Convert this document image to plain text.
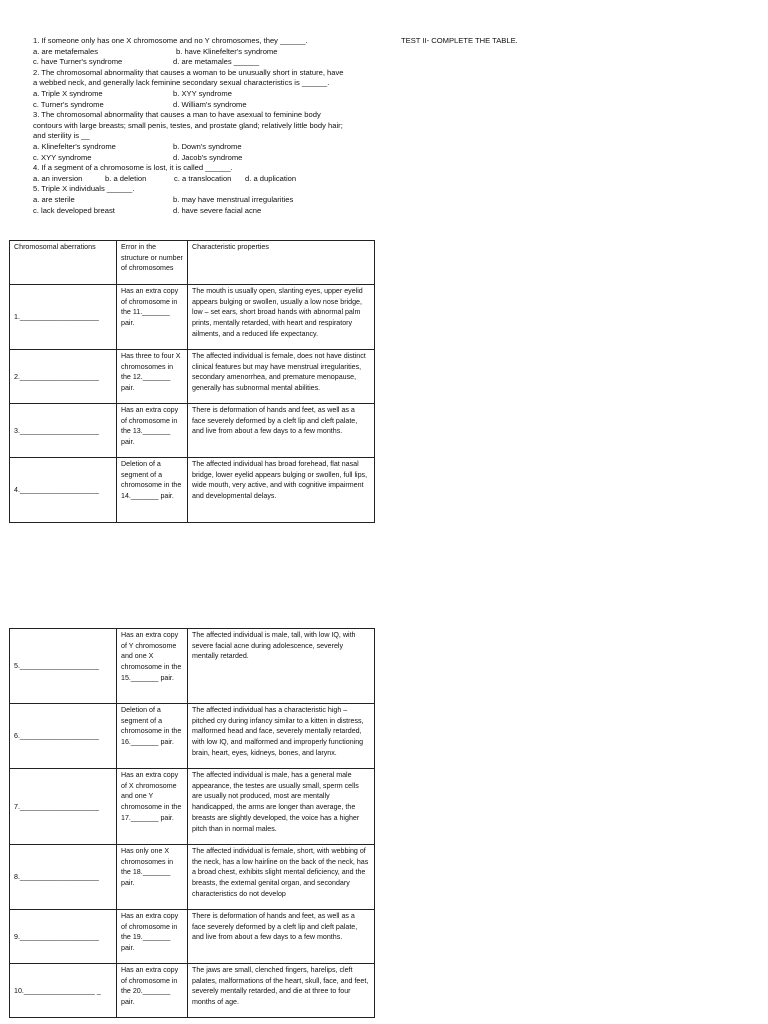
1. If someone only has one X chromosome and no Y chromosomes, they ______.
a. are metafemales	b. have Klinefelter's syndrome
c. have Turner's syndrome	d. are metamales ______
2. The chromosomal abnormality that causes a woman to be unusually short in stature, have
a webbed neck, and generally lack feminine secondary sexual characteristics is ______.
a. Triple X syndrome	b. XYY syndrome
c. Turner's syndrome	d. William's syndrome
3. The chromosomal abnormality that causes a man to have asexual to feminine body
contours with large breasts; small penis, testes, and prostate gland; relatively little body hair;
and sterility is __
a. Klinefelter's syndrome	b. Down's syndrome
c. XYY syndrome	d. Jacob's syndrome
4. If a segment of a chromosome is lost, it is called ______.
a. an inversion	b. a deletion	c. a translocation	d. a duplication
5. Triple X individuals ______.
a. are sterile	b. may have menstrual irregularities
c. lack developed breast	d. have severe facial acne
TEST II- COMPLETE THE TABLE.
Chromosomal aberrations	Error in the structure or number of chromosomes	Characteristic properties
1.____________________	Has an extra copy of chromosome in the 11._______ pair.	The mouth is usually open, slanting eyes, upper eyelid appears bulging or swollen, usually a low nose bridge, low – set ears, short broad hands with abnormal palm prints, mentally retarded, with heart and respiratory ailments, and a reduced life expectancy.
2.____________________	Has three to four X chromosomes in the 12._______ pair.	The affected individual is female, does not have distinct clinical features but may have menstrual irregularities, secondary amenorrhea, and premature menopause, generally has subnormal mental abilities.
3.____________________	Has an extra copy of chromosome in the 13._______ pair.	There is deformation of hands and feet, as well as a face severely deformed by a cleft lip and cleft palate, and live from about a few days to a few months.
4.____________________	Deletion of a segment of a chromosome in the 14._______ pair.	The affected individual has broad forehead, flat nasal bridge, lower eyelid appears bulging or swollen, full lips, wide mouth, very active, and with cognitive impairment and developmental delays.
5.____________________	Has an extra copy of Y chromosome and one X chromosome in the 15._______ pair.	The affected individual is male, tall, with low IQ, with severe facial acne during adolescence, severely mentally retarded.
6.____________________	Deletion of a segment of a chromosome in the 16._______ pair.	The affected individual has a characteristic high – pitched cry during infancy similar to a kitten in distress, malformed head and face, severely mentally retarded, with low IQ, and malformed and improperly functioning brain, heart, eyes, kidneys, bones, and larynx.
7.____________________	Has an extra copy of X chromosome and one Y chromosome in the 17._______ pair.	The affected individual is male, has a general male appearance, the testes are usually small, sperm cells are usually not produced, most are mentally handicapped, the arms are longer than average, the breasts are slightly developed, the voice has a higher pitch than in normal males.
8.____________________	Has only one X chromosomes in the 18._______ pair.	The affected individual is female, short, with webbing of the neck, has a low hairline on the back of the neck, has a broad chest, exhibits slight mental deficiency, and the breasts, the external genital organ, and secondary characteristics do not develop
9.____________________	Has an extra copy of chromosome in the 19._______ pair.	There is deformation of hands and feet, as well as a face severely deformed by a cleft lip and cleft palate, and live from about a few days to a few months.
10.__________________ _	Has an extra copy of chromosome in the 20._______ pair.	The jaws are small, clenched fingers, harelips, cleft palates, malformations of the heart, skull, face, and feet, severely mentally retarded, and die at three to four months of age.
